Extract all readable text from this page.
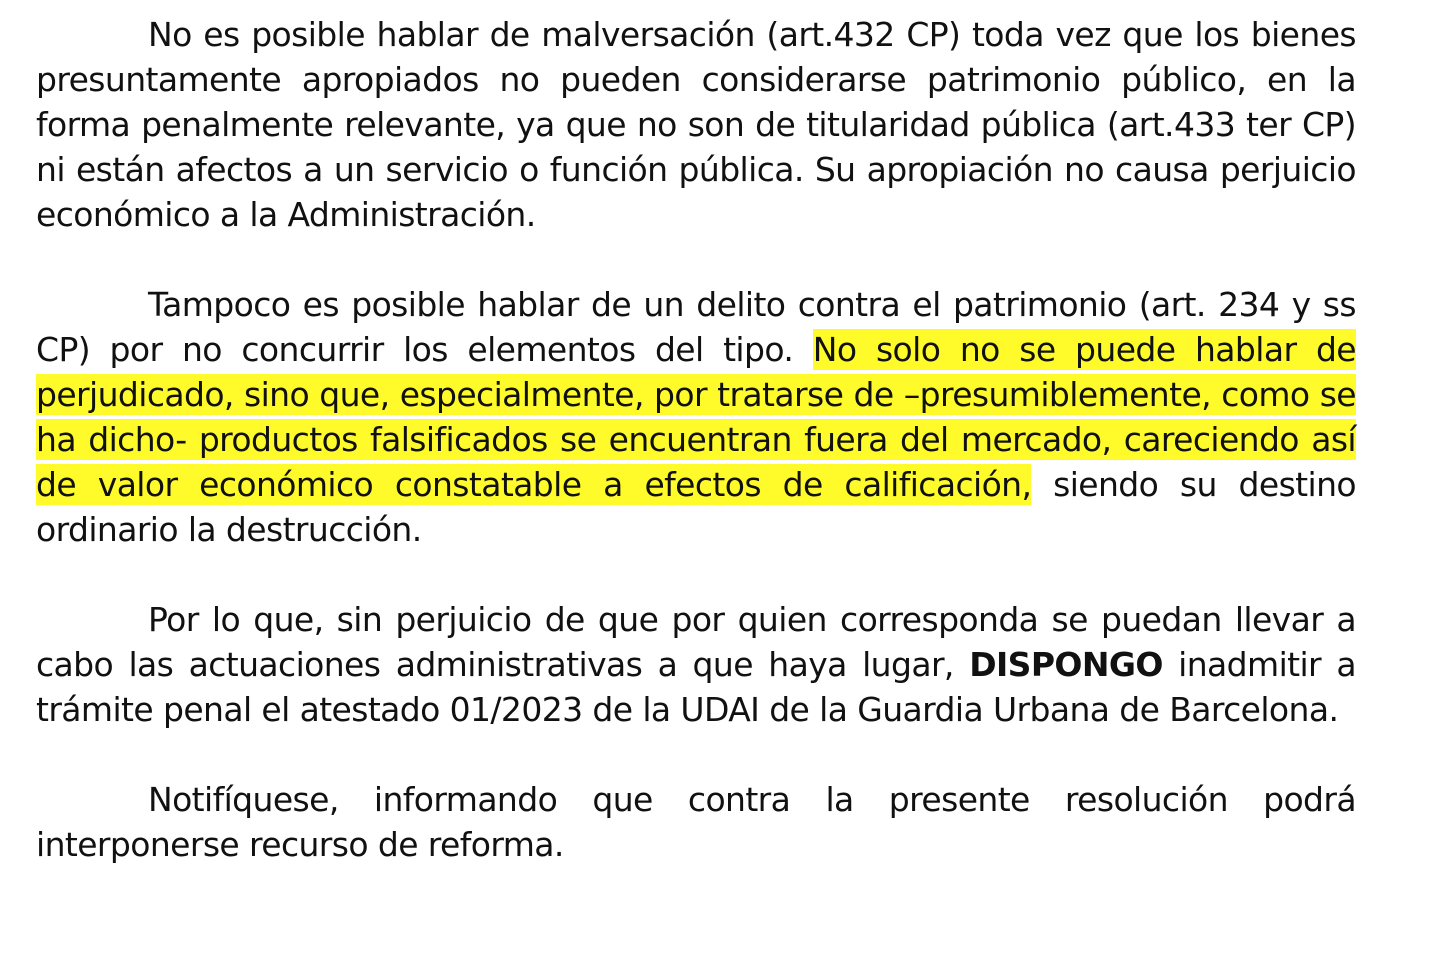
No es posible hablar de malversación (art.432 CP) toda vez que los bienes presuntamente apropiados no pueden considerarse patrimonio público, en la forma penalmente relevante, ya que no son de titularidad pública (art.433 ter CP) ni están afectos a un servicio o función pública. Su apropiación no causa perjuicio económico a la Administración.

Tampoco es posible hablar de un delito contra el patrimonio (art. 234 y ss CP) por no concurrir los elementos del tipo. No solo no se puede hablar de perjudicado, sino que, especialmente, por tratarse de –presumiblemente, como se ha dicho- productos falsificados se encuentran fuera del mercado, careciendo así de valor económico constatable a efectos de calificación, siendo su destino ordinario la destrucción.

Por lo que, sin perjuicio de que por quien corresponda se puedan llevar a cabo las actuaciones administrativas a que haya lugar, DISPONGO inadmitir a trámite penal el atestado 01/2023 de la UDAI de la Guardia Urbana de Barcelona.

Notifíquese, informando que contra la presente resolución podrá interponerse recurso de reforma.
